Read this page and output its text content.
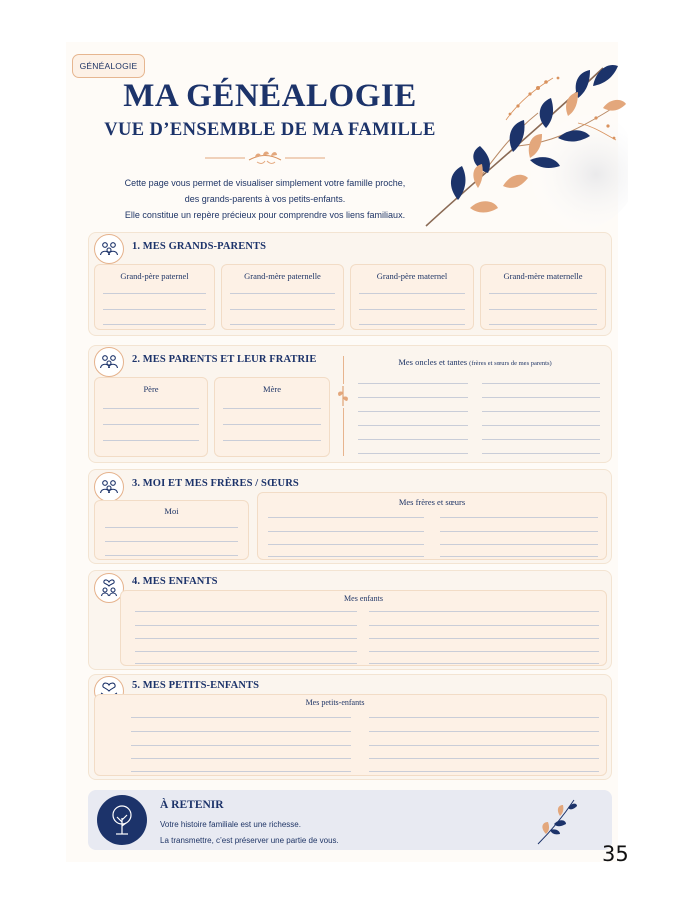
GÉNÉALOGIE
MA GÉNÉALOGIE
VUE D’ENSEMBLE DE MA FAMILLE

Cette page vous permet de visualiser simplement votre famille proche,

des grands-parents à vos petits-enfants.

Elle constitue un repère précieux pour comprendre vos liens familiaux.

1. MES GRANDS-PARENTS
Grand-père paternel	Grand-mère paternelle	Grand-père maternel	Grand-mère maternelle
2. MES PARENTS ET LEUR FRATRIE
Père	Mère
Mes oncles et tantes (frères et sœurs de mes parents)
3. MOI ET MES FRÈRES / SŒURS
Moi
Mes frères et sœurs
4. MES ENFANTS
Mes enfants
5. MES PETITS-ENFANTS
Mes petits-enfants
À RETENIR
Votre histoire familiale est une richesse.
La transmettre, c’est préserver une partie de vous.
35
